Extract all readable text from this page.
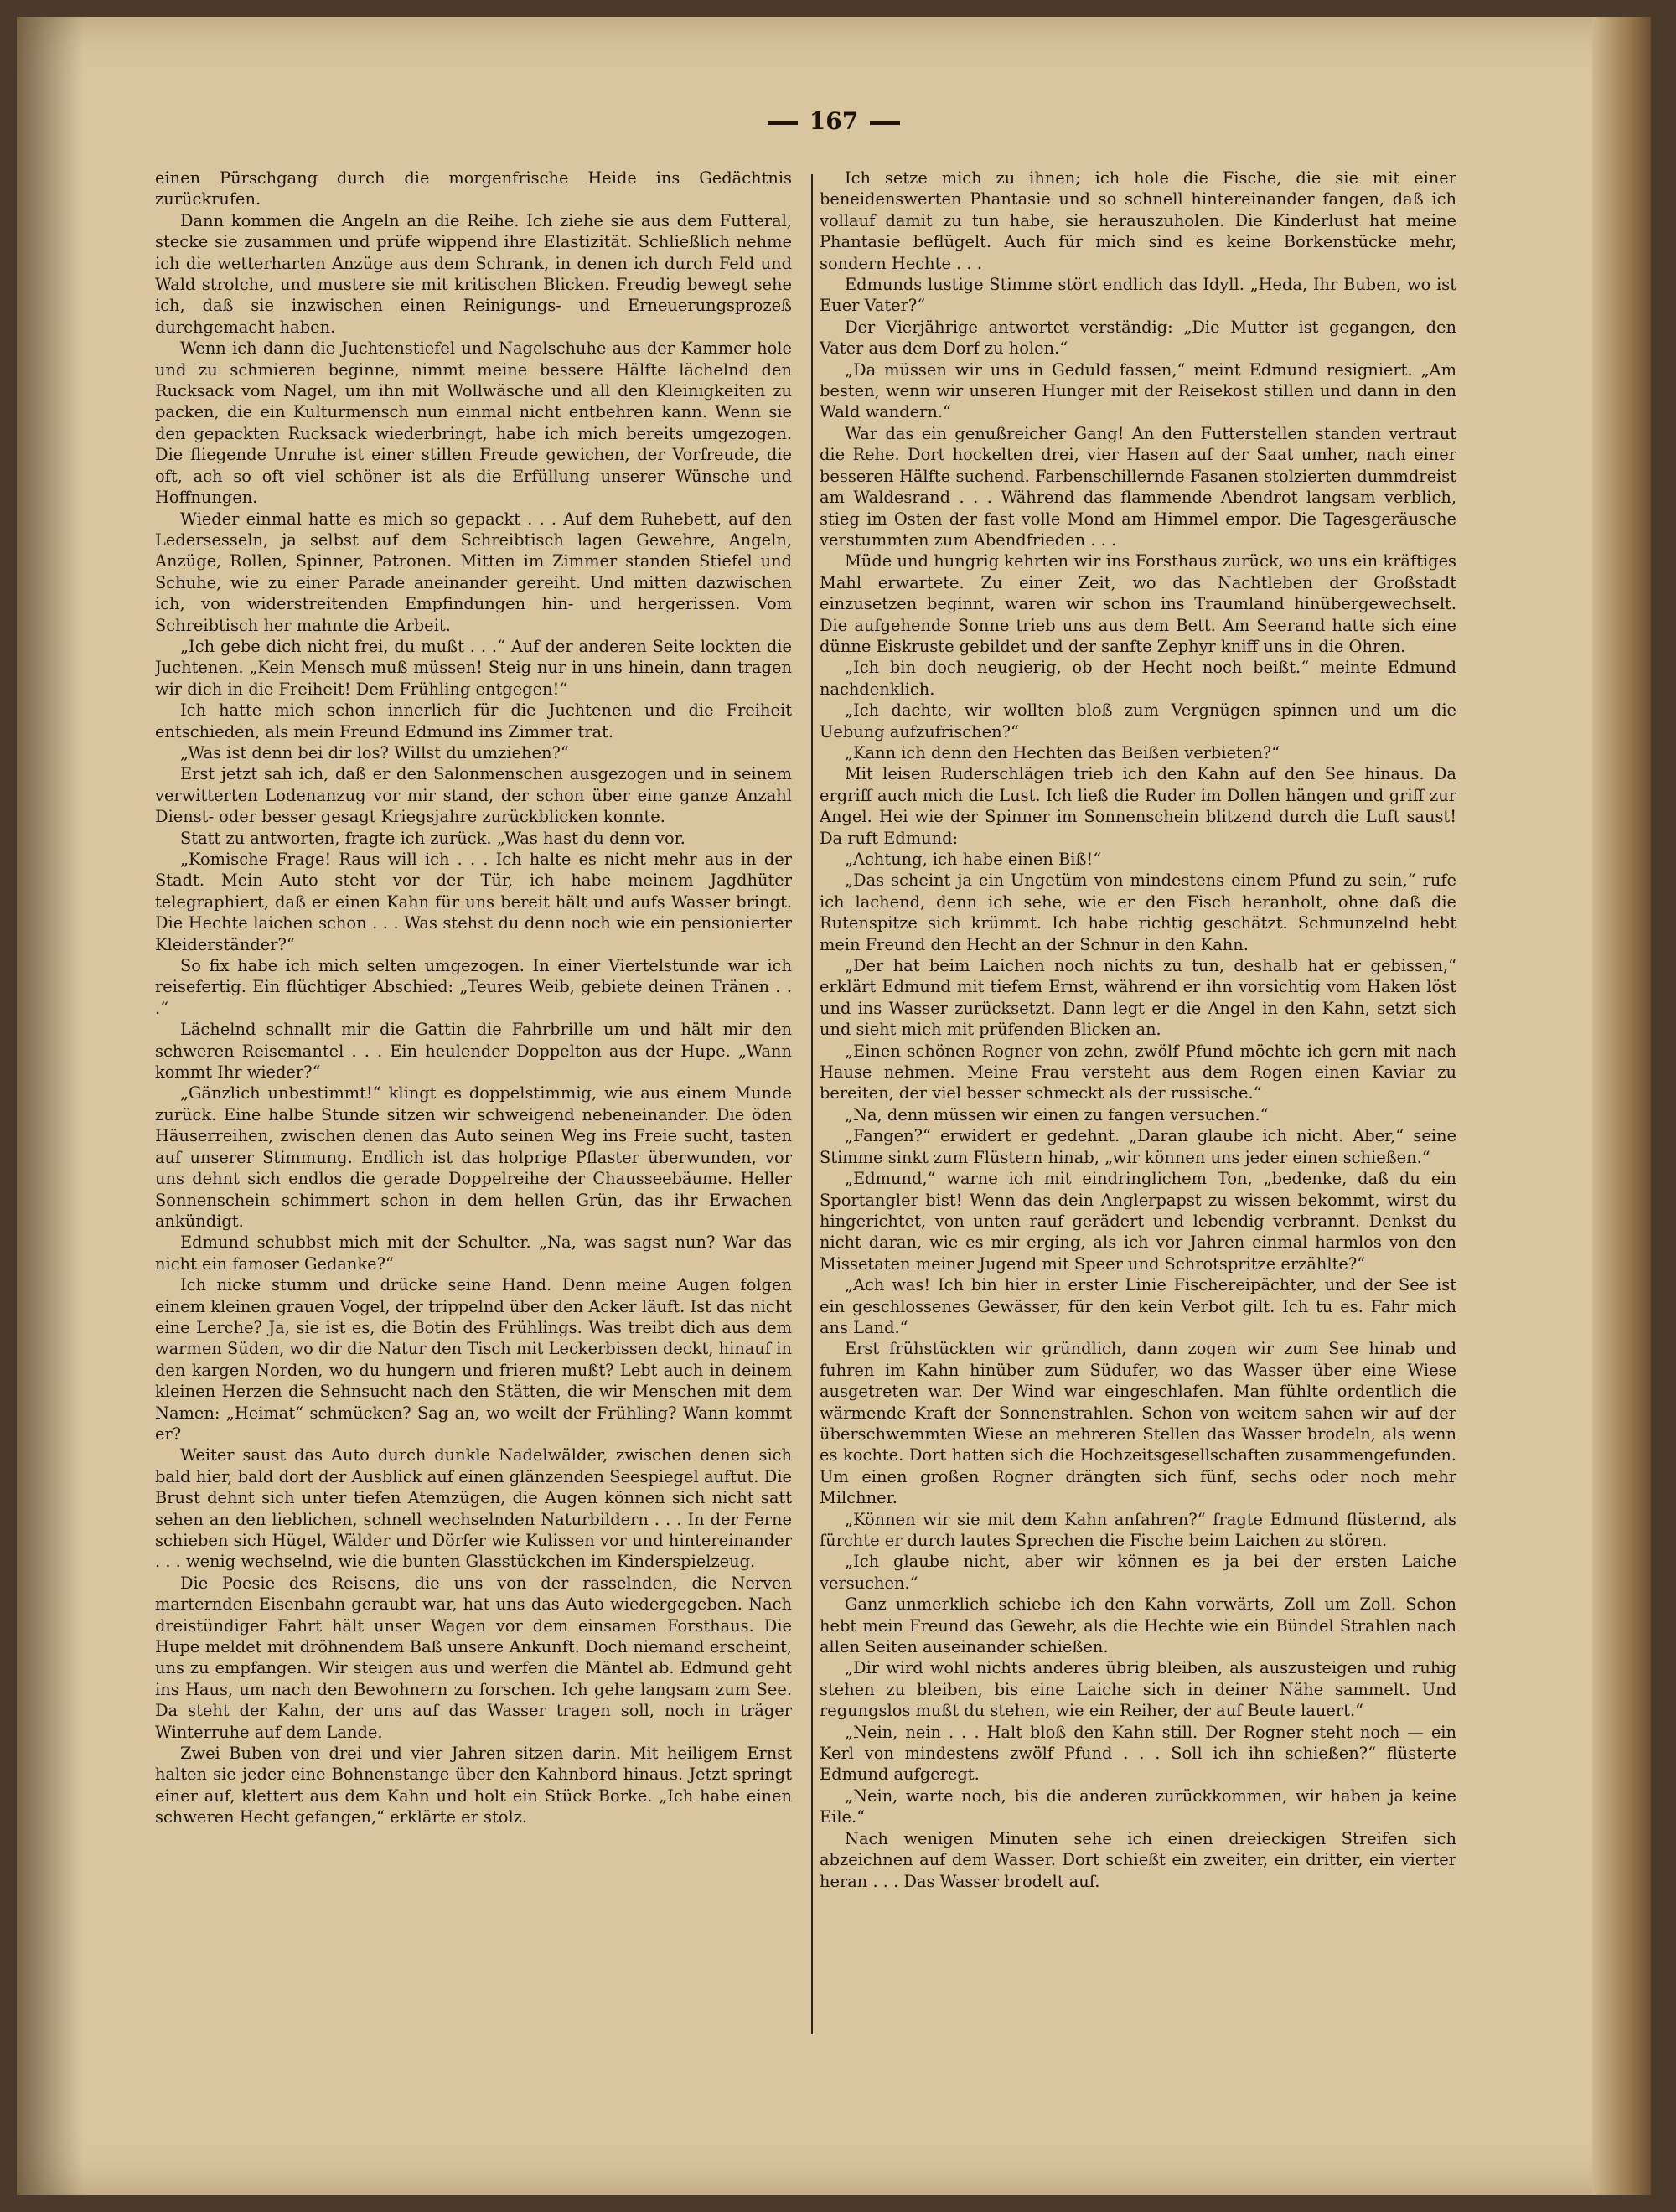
167

einen Pürschgang durch die morgenfrische Heide ins Gedächtnis zurückrufen.

Dann kommen die Angeln an die Reihe. Ich ziehe sie aus dem Futteral, stecke sie zusammen und prüfe wippend ihre Elastizität. Schließlich nehme ich die wetterharten Anzüge aus dem Schrank, in denen ich durch Feld und Wald strolche, und mustere sie mit kritischen Blicken. Freudig bewegt sehe ich, daß sie inzwischen einen Reinigungs- und Erneuerungsprozeß durchgemacht haben.

Wenn ich dann die Juchtenstiefel und Nagelschuhe aus der Kammer hole und zu schmieren beginne, nimmt meine bessere Hälfte lächelnd den Rucksack vom Nagel, um ihn mit Wollwäsche und all den Kleinigkeiten zu packen, die ein Kulturmensch nun einmal nicht entbehren kann. Wenn sie den gepackten Rucksack wiederbringt, habe ich mich bereits umgezogen. Die fliegende Unruhe ist einer stillen Freude gewichen, der Vorfreude, die oft, ach so oft viel schöner ist als die Erfüllung unserer Wünsche und Hoffnungen.

Wieder einmal hatte es mich so gepackt . . . Auf dem Ruhebett, auf den Ledersesseln, ja selbst auf dem Schreibtisch lagen Gewehre, Angeln, Anzüge, Rollen, Spinner, Patronen. Mitten im Zimmer standen Stiefel und Schuhe, wie zu einer Parade aneinander gereiht. Und mitten dazwischen ich, von widerstreitenden Empfindungen hin- und hergerissen. Vom Schreibtisch her mahnte die Arbeit.

„Ich gebe dich nicht frei, du mußt . . .“ Auf der anderen Seite lockten die Juchtenen. „Kein Mensch muß müssen! Steig nur in uns hinein, dann tragen wir dich in die Freiheit! Dem Frühling entgegen!“

Ich hatte mich schon innerlich für die Juchtenen und die Freiheit entschieden, als mein Freund Edmund ins Zimmer trat.

„Was ist denn bei dir los? Willst du umziehen?“

Erst jetzt sah ich, daß er den Salonmenschen ausgezogen und in seinem verwitterten Lodenanzug vor mir stand, der schon über eine ganze Anzahl Dienst- oder besser gesagt Kriegsjahre zurückblicken konnte.

Statt zu antworten, fragte ich zurück. „Was hast du denn vor.

„Komische Frage! Raus will ich . . . Ich halte es nicht mehr aus in der Stadt. Mein Auto steht vor der Tür, ich habe meinem Jagdhüter telegraphiert, daß er einen Kahn für uns bereit hält und aufs Wasser bringt. Die Hechte laichen schon . . . Was stehst du denn noch wie ein pensionierter Kleiderständer?“

So fix habe ich mich selten umgezogen. In einer Viertelstunde war ich reisefertig. Ein flüchtiger Abschied: „Teures Weib, gebiete deinen Tränen . . .“

Lächelnd schnallt mir die Gattin die Fahrbrille um und hält mir den schweren Reisemantel . . . Ein heulender Doppelton aus der Hupe. „Wann kommt Ihr wieder?“

„Gänzlich unbestimmt!“ klingt es doppelstimmig, wie aus einem Munde zurück. Eine halbe Stunde sitzen wir schweigend nebeneinander. Die öden Häuserreihen, zwischen denen das Auto seinen Weg ins Freie sucht, tasten auf unserer Stimmung. Endlich ist das holprige Pflaster überwunden, vor uns dehnt sich endlos die gerade Doppelreihe der Chausseebäume. Heller Sonnenschein schimmert schon in dem hellen Grün, das ihr Erwachen ankündigt.

Edmund schubbst mich mit der Schulter. „Na, was sagst nun? War das nicht ein famoser Gedanke?“

Ich nicke stumm und drücke seine Hand. Denn meine Augen folgen einem kleinen grauen Vogel, der trippelnd über den Acker läuft. Ist das nicht eine Lerche? Ja, sie ist es, die Botin des Frühlings. Was treibt dich aus dem warmen Süden, wo dir die Natur den Tisch mit Leckerbissen deckt, hinauf in den kargen Norden, wo du hungern und frieren mußt? Lebt auch in deinem kleinen Herzen die Sehnsucht nach den Stätten, die wir Menschen mit dem Namen: „Heimat“ schmücken? Sag an, wo weilt der Frühling? Wann kommt er?

Weiter saust das Auto durch dunkle Nadelwälder, zwischen denen sich bald hier, bald dort der Ausblick auf einen glänzenden Seespiegel auftut. Die Brust dehnt sich unter tiefen Atemzügen, die Augen können sich nicht satt sehen an den lieblichen, schnell wechselnden Naturbildern . . . In der Ferne schieben sich Hügel, Wälder und Dörfer wie Kulissen vor und hintereinander . . . wenig wechselnd, wie die bunten Glasstückchen im Kinderspielzeug.

Die Poesie des Reisens, die uns von der rasselnden, die Nerven marternden Eisenbahn geraubt war, hat uns das Auto wiedergegeben. Nach dreistündiger Fahrt hält unser Wagen vor dem einsamen Forsthaus. Die Hupe meldet mit dröhnendem Baß unsere Ankunft. Doch niemand erscheint, uns zu empfangen. Wir steigen aus und werfen die Mäntel ab. Edmund geht ins Haus, um nach den Bewohnern zu forschen. Ich gehe langsam zum See. Da steht der Kahn, der uns auf das Wasser tragen soll, noch in träger Winterruhe auf dem Lande.

Zwei Buben von drei und vier Jahren sitzen darin. Mit heiligem Ernst halten sie jeder eine Bohnenstange über den Kahnbord hinaus. Jetzt springt einer auf, klettert aus dem Kahn und holt ein Stück Borke. „Ich habe einen schweren Hecht gefangen,“ erklärte er stolz.

Ich setze mich zu ihnen; ich hole die Fische, die sie mit einer beneidenswerten Phantasie und so schnell hintereinander fangen, daß ich vollauf damit zu tun habe, sie herauszuholen. Die Kinderlust hat meine Phantasie beflügelt. Auch für mich sind es keine Borkenstücke mehr, sondern Hechte . . .

Edmunds lustige Stimme stört endlich das Idyll. „Heda, Ihr Buben, wo ist Euer Vater?“

Der Vierjährige antwortet verständig: „Die Mutter ist gegangen, den Vater aus dem Dorf zu holen.“

„Da müssen wir uns in Geduld fassen,“ meint Edmund resigniert. „Am besten, wenn wir unseren Hunger mit der Reisekost stillen und dann in den Wald wandern.“

War das ein genußreicher Gang! An den Futterstellen standen vertraut die Rehe. Dort hockelten drei, vier Hasen auf der Saat umher, nach einer besseren Hälfte suchend. Farbenschillernde Fasanen stolzierten dummdreist am Waldesrand . . . Während das flammende Abendrot langsam verblich, stieg im Osten der fast volle Mond am Himmel empor. Die Tagesgeräusche verstummten zum Abendfrieden . . .

Müde und hungrig kehrten wir ins Forsthaus zurück, wo uns ein kräftiges Mahl erwartete. Zu einer Zeit, wo das Nachtleben der Großstadt einzusetzen beginnt, waren wir schon ins Traumland hinübergewechselt. Die aufgehende Sonne trieb uns aus dem Bett. Am Seerand hatte sich eine dünne Eiskruste gebildet und der sanfte Zephyr kniff uns in die Ohren.

„Ich bin doch neugierig, ob der Hecht noch beißt.“ meinte Edmund nachdenklich.

„Ich dachte, wir wollten bloß zum Vergnügen spinnen und um die Uebung aufzufrischen?“

„Kann ich denn den Hechten das Beißen verbieten?“

Mit leisen Ruderschlägen trieb ich den Kahn auf den See hinaus. Da ergriff auch mich die Lust. Ich ließ die Ruder im Dollen hängen und griff zur Angel. Hei wie der Spinner im Sonnenschein blitzend durch die Luft saust! Da ruft Edmund:

„Achtung, ich habe einen Biß!“

„Das scheint ja ein Ungetüm von mindestens einem Pfund zu sein,“ rufe ich lachend, denn ich sehe, wie er den Fisch heranholt, ohne daß die Rutenspitze sich krümmt. Ich habe richtig geschätzt. Schmunzelnd hebt mein Freund den Hecht an der Schnur in den Kahn.

„Der hat beim Laichen noch nichts zu tun, deshalb hat er gebissen,“ erklärt Edmund mit tiefem Ernst, während er ihn vorsichtig vom Haken löst und ins Wasser zurücksetzt. Dann legt er die Angel in den Kahn, setzt sich und sieht mich mit prüfenden Blicken an.

„Einen schönen Rogner von zehn, zwölf Pfund möchte ich gern mit nach Hause nehmen. Meine Frau versteht aus dem Rogen einen Kaviar zu bereiten, der viel besser schmeckt als der russische.“

„Na, denn müssen wir einen zu fangen versuchen.“

„Fangen?“ erwidert er gedehnt. „Daran glaube ich nicht. Aber,“ seine Stimme sinkt zum Flüstern hinab, „wir können uns jeder einen schießen.“

„Edmund,“ warne ich mit eindringlichem Ton, „bedenke, daß du ein Sportangler bist! Wenn das dein Anglerpapst zu wissen bekommt, wirst du hingerichtet, von unten rauf gerädert und lebendig verbrannt. Denkst du nicht daran, wie es mir erging, als ich vor Jahren einmal harmlos von den Missetaten meiner Jugend mit Speer und Schrotspritze erzählte?“

„Ach was! Ich bin hier in erster Linie Fischereipächter, und der See ist ein geschlossenes Gewässer, für den kein Verbot gilt. Ich tu es. Fahr mich ans Land.“

Erst frühstückten wir gründlich, dann zogen wir zum See hinab und fuhren im Kahn hinüber zum Südufer, wo das Wasser über eine Wiese ausgetreten war. Der Wind war eingeschlafen. Man fühlte ordentlich die wärmende Kraft der Sonnenstrahlen. Schon von weitem sahen wir auf der überschwemmten Wiese an mehreren Stellen das Wasser brodeln, als wenn es kochte. Dort hatten sich die Hochzeitsgesellschaften zusammengefunden. Um einen großen Rogner drängten sich fünf, sechs oder noch mehr Milchner.

„Können wir sie mit dem Kahn anfahren?“ fragte Edmund flüsternd, als fürchte er durch lautes Sprechen die Fische beim Laichen zu stören.

„Ich glaube nicht, aber wir können es ja bei der ersten Laiche versuchen.“

Ganz unmerklich schiebe ich den Kahn vorwärts, Zoll um Zoll. Schon hebt mein Freund das Gewehr, als die Hechte wie ein Bündel Strahlen nach allen Seiten auseinander schießen.

„Dir wird wohl nichts anderes übrig bleiben, als auszusteigen und ruhig stehen zu bleiben, bis eine Laiche sich in deiner Nähe sammelt. Und regungslos mußt du stehen, wie ein Reiher, der auf Beute lauert.“

„Nein, nein . . . Halt bloß den Kahn still. Der Rogner steht noch — ein Kerl von mindestens zwölf Pfund . . . Soll ich ihn schießen?“ flüsterte Edmund aufgeregt.

„Nein, warte noch, bis die anderen zurückkommen, wir haben ja keine Eile.“

Nach wenigen Minuten sehe ich einen dreieckigen Streifen sich abzeichnen auf dem Wasser. Dort schießt ein zweiter, ein dritter, ein vierter heran . . . Das Wasser brodelt auf.
